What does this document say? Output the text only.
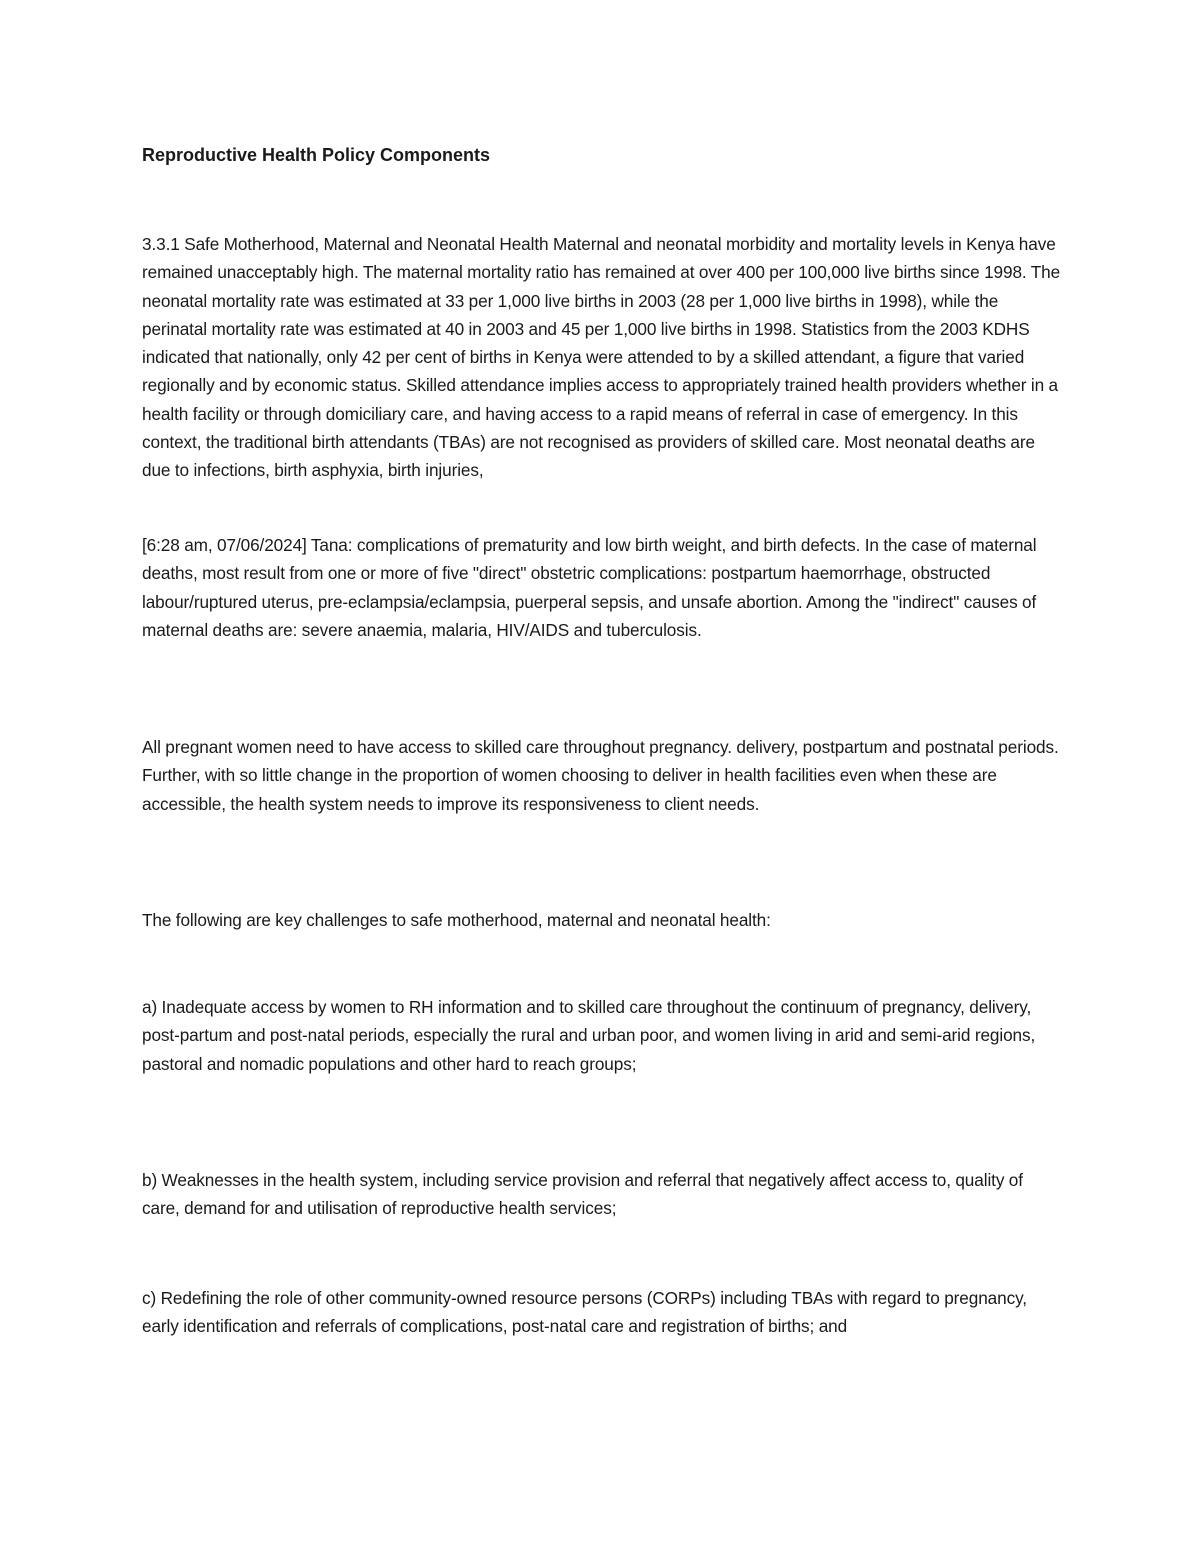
Reproductive Health Policy Components

3.3.1 Safe Motherhood, Maternal and Neonatal Health Maternal and neonatal morbidity and mortality levels in Kenya have remained unacceptably high. The maternal mortality ratio has remained at over 400 per 100,000 live births since 1998. The neonatal mortality rate was estimated at 33 per 1,000 live births in 2003 (28 per 1,000 live births in 1998), while the perinatal mortality rate was estimated at 40 in 2003 and 45 per 1,000 live births in 1998. Statistics from the 2003 KDHS indicated that nationally, only 42 per cent of births in Kenya were attended to by a skilled attendant, a figure that varied regionally and by economic status. Skilled attendance implies access to appropriately trained health providers whether in a health facility or through domiciliary care, and having access to a rapid means of referral in case of emergency. In this context, the traditional birth attendants (TBAs) are not recognised as providers of skilled care. Most neonatal deaths are due to infections, birth asphyxia, birth injuries,

[6:28 am, 07/06/2024] Tana: complications of prematurity and low birth weight, and birth defects. In the case of maternal deaths, most result from one or more of five "direct" obstetric complications: postpartum haemorrhage, obstructed labour/ruptured uterus, pre-eclampsia/eclampsia, puerperal sepsis, and unsafe abortion. Among the "indirect" causes of maternal deaths are: severe anaemia, malaria, HIV/AIDS and tuberculosis.

All pregnant women need to have access to skilled care throughout pregnancy. delivery, postpartum and postnatal periods. Further, with so little change in the proportion of women choosing to deliver in health facilities even when these are accessible, the health system needs to improve its responsiveness to client needs.

The following are key challenges to safe motherhood, maternal and neonatal health:

a) Inadequate access by women to RH information and to skilled care throughout the continuum of pregnancy, delivery, post-partum and post-natal periods, especially the rural and urban poor, and women living in arid and semi-arid regions, pastoral and nomadic populations and other hard to reach groups;

b) Weaknesses in the health system, including service provision and referral that negatively affect access to, quality of care, demand for and utilisation of reproductive health services;

c) Redefining the role of other community-owned resource persons (CORPs) including TBAs with regard to pregnancy, early identification and referrals of complications, post-natal care and registration of births; and
